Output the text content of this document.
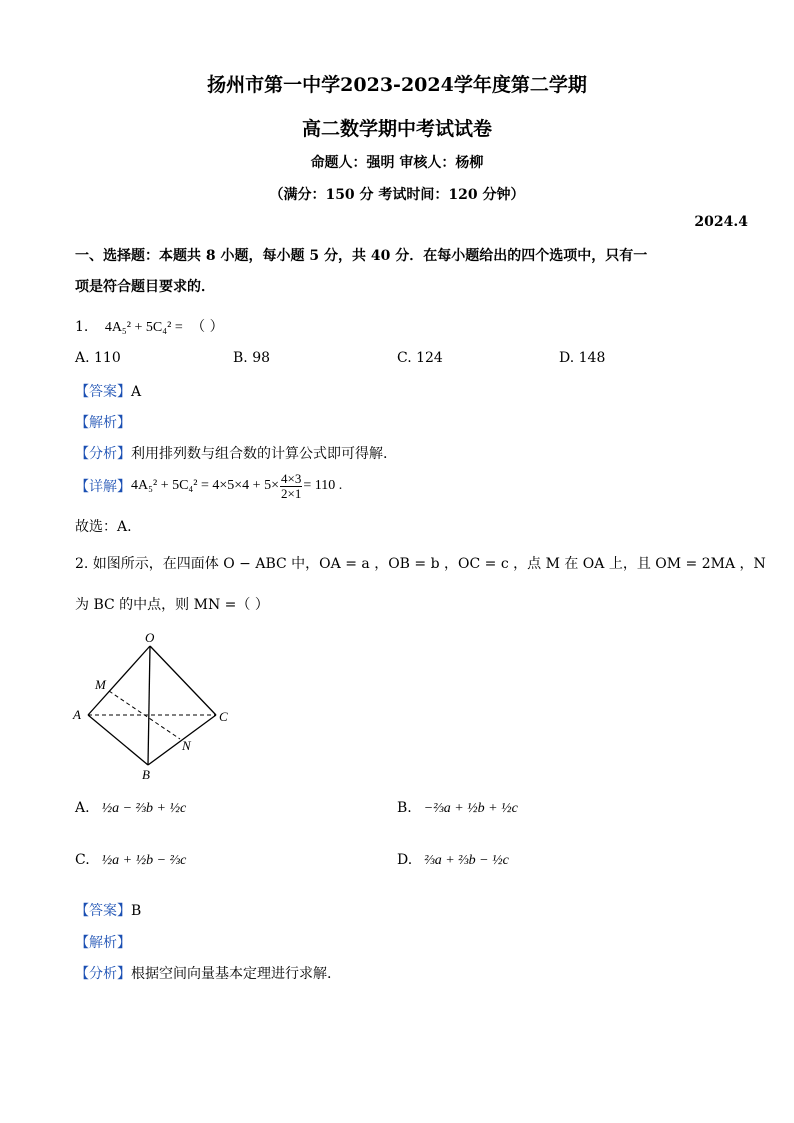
扬州市第一中学2023-2024学年度第二学期
高二数学期中考试试卷
命题人：强明 审核人：杨柳
（满分：150 分 考试时间：120 分钟）
2024.4
一、选择题：本题共 8 小题，每小题 5 分，共 40 分．在每小题给出的四个选项中，只有一
项是符合题目要求的．
1. 4A₅² + 5C₄² = （ ）
A. 110	B. 98	C. 124	D. 148
【答案】A
【解析】
【分析】利用排列数与组合数的计算公式即可得解.
【详解】 $4A_5^2 + 5C_4^2 = 4\times 5\times 4 + 5\times \frac{4\times 3}{2\times 1} = 110$ .
故选：A.
2. 如图所示，在四面体 O − ABC 中，OA = a ，OB = b ，OC = c ，点 M 在 OA 上，且 OM = 2MA ，N
为 BC 的中点，则 MN =（ ）
O
M
A	C
N
B
A. ½a − ⅔b + ½c	B. −⅔a + ½b + ½c
C. ½a + ½b − ⅔c	D. ⅔a + ⅔b − ½c
【答案】B
【解析】
【分析】根据空间向量基本定理进行求解.
